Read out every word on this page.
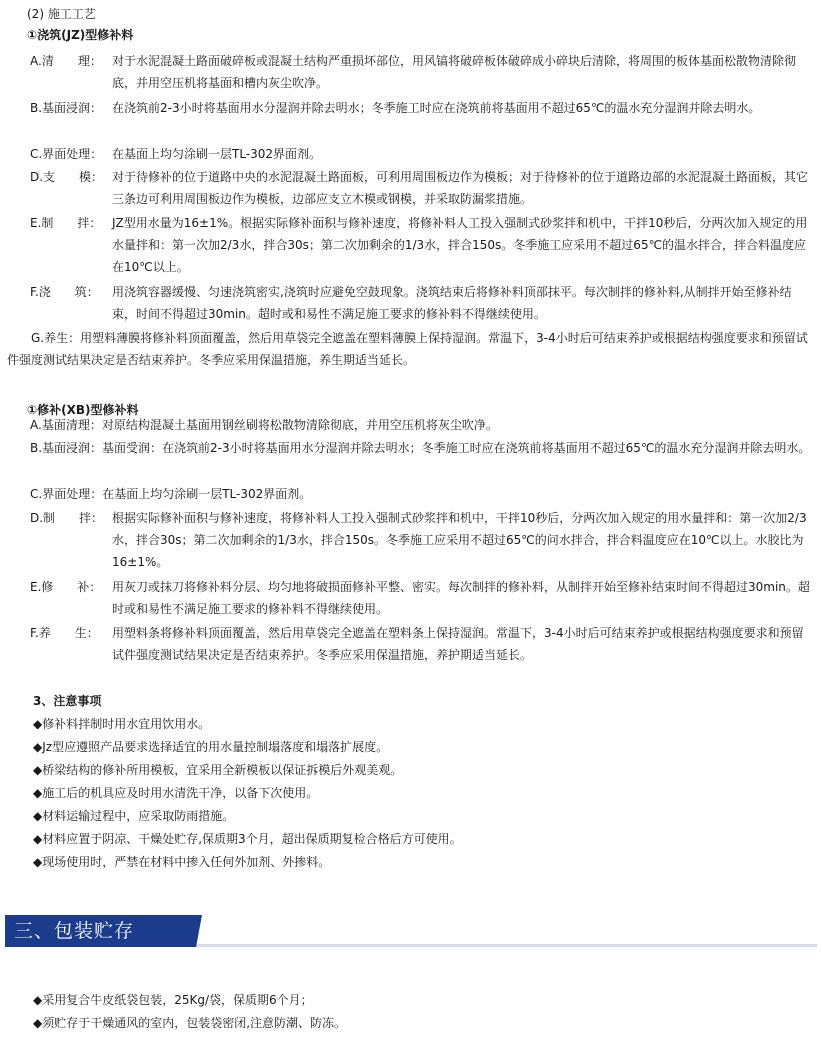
(2) 施工工艺
①浇筑(JZ)型修补料
A.清　　理： 对于水泥混凝土路面破碎板或混凝土结构严重损坏部位，用风镐将破碎板体破碎成小碎块后清除，将周围的板体基面松散物清除彻底，并用空压机将基面和槽内灰尘吹净。
B.基面浸润： 在浇筑前2-3小时将基面用水分湿润并除去明水；冬季施工时应在浇筑前将基面用不超过65℃的温水充分湿润并除去明水。
C.界面处理： 在基面上均匀涂刷一层TL-302界面剂。
D.支　　模： 对于待修补的位于道路中央的水泥混凝土路面板，可利用周围板边作为模板；对于待修补的位于道路边部的水泥混凝土路面板，其它三条边可利用周围板边作为模板，边部应支立木模或钢模，并采取防漏浆措施。
E.制　　拌： JZ型用水量为16±1%。根据实际修补面积与修补速度，将修补料人工投入强制式砂浆拌和机中，干拌10秒后，分两次加入规定的用水量拌和：第一次加2/3水，拌合30s；第二次加剩余的1/3水，拌合150s。冬季施工应采用不超过65℃的温水拌合，拌合料温度应在10℃以上。
F.浇　　筑： 用浇筑容器缓慢、匀速浇筑密实,浇筑时应避免空鼓现象。浇筑结束后将修补料顶部抹平。每次制拌的修补料,从制拌开始至修补结束，时间不得超过30min。超时或和易性不满足施工要求的修补料不得继续使用。
G.养生：用塑料薄膜将修补料顶面覆盖，然后用草袋完全遮盖在塑料薄膜上保持湿润。常温下，3-4小时后可结束养护或根据结构强度要求和预留试件强度测试结果决定是否结束养护。冬季应采用保温措施，养生期适当延长。
①修补(XB)型修补料
A.基面清理：对原结构混凝土基面用钢丝刷将松散物清除彻底，并用空压机将灰尘吹净。
B.基面浸润：基面受润：在浇筑前2-3小时将基面用水分湿润并除去明水；冬季施工时应在浇筑前将基面用不超过65℃的温水充分湿润并除去明水。
C.界面处理：在基面上均匀涂刷一层TL-302界面剂。
D.制　　拌： 根据实际修补面积与修补速度，将修补料人工投入强制式砂浆拌和机中，干拌10秒后，分两次加入规定的用水量拌和：第一次加2/3水，拌合30s；第二次加剩余的1/3水，拌合150s。冬季施工应采用不超过65℃的问水拌合，拌合料温度应在10℃以上。水胶比为16±1%。
E.修　　补： 用灰刀或抹刀将修补料分层、均匀地将破损面修补平整、密实。每次制拌的修补料，从制拌开始至修补结束时间不得超过30min。超时或和易性不满足施工要求的修补料不得继续使用。
F.养　　生： 用塑料条将修补料顶面覆盖，然后用草袋完全遮盖在塑料条上保持湿润。常温下，3-4小时后可结束养护或根据结构强度要求和预留试件强度测试结果决定是否结束养护。冬季应采用保温措施，养护期适当延长。
3、注意事项
◆修补料拌制时用水宜用饮用水。
◆Jz型应遵照产品要求选择适宜的用水量控制塌落度和塌落扩展度。
◆桥梁结构的修补所用模板，宜采用全新模板以保证拆模后外观美观。
◆施工后的机具应及时用水清洗干净，以备下次使用。
◆材料运输过程中，应采取防雨措施。
◆材料应置于阴凉、干燥处贮存,保质期3个月，超出保质期复检合格后方可使用。
◆现场使用时，严禁在材料中掺入任何外加剂、外掺料。
三、包装贮存
◆采用复合牛皮纸袋包装，25Kg/袋，保质期6个月；
◆须贮存于干燥通风的室内，包装袋密闭,注意防潮、防冻。
